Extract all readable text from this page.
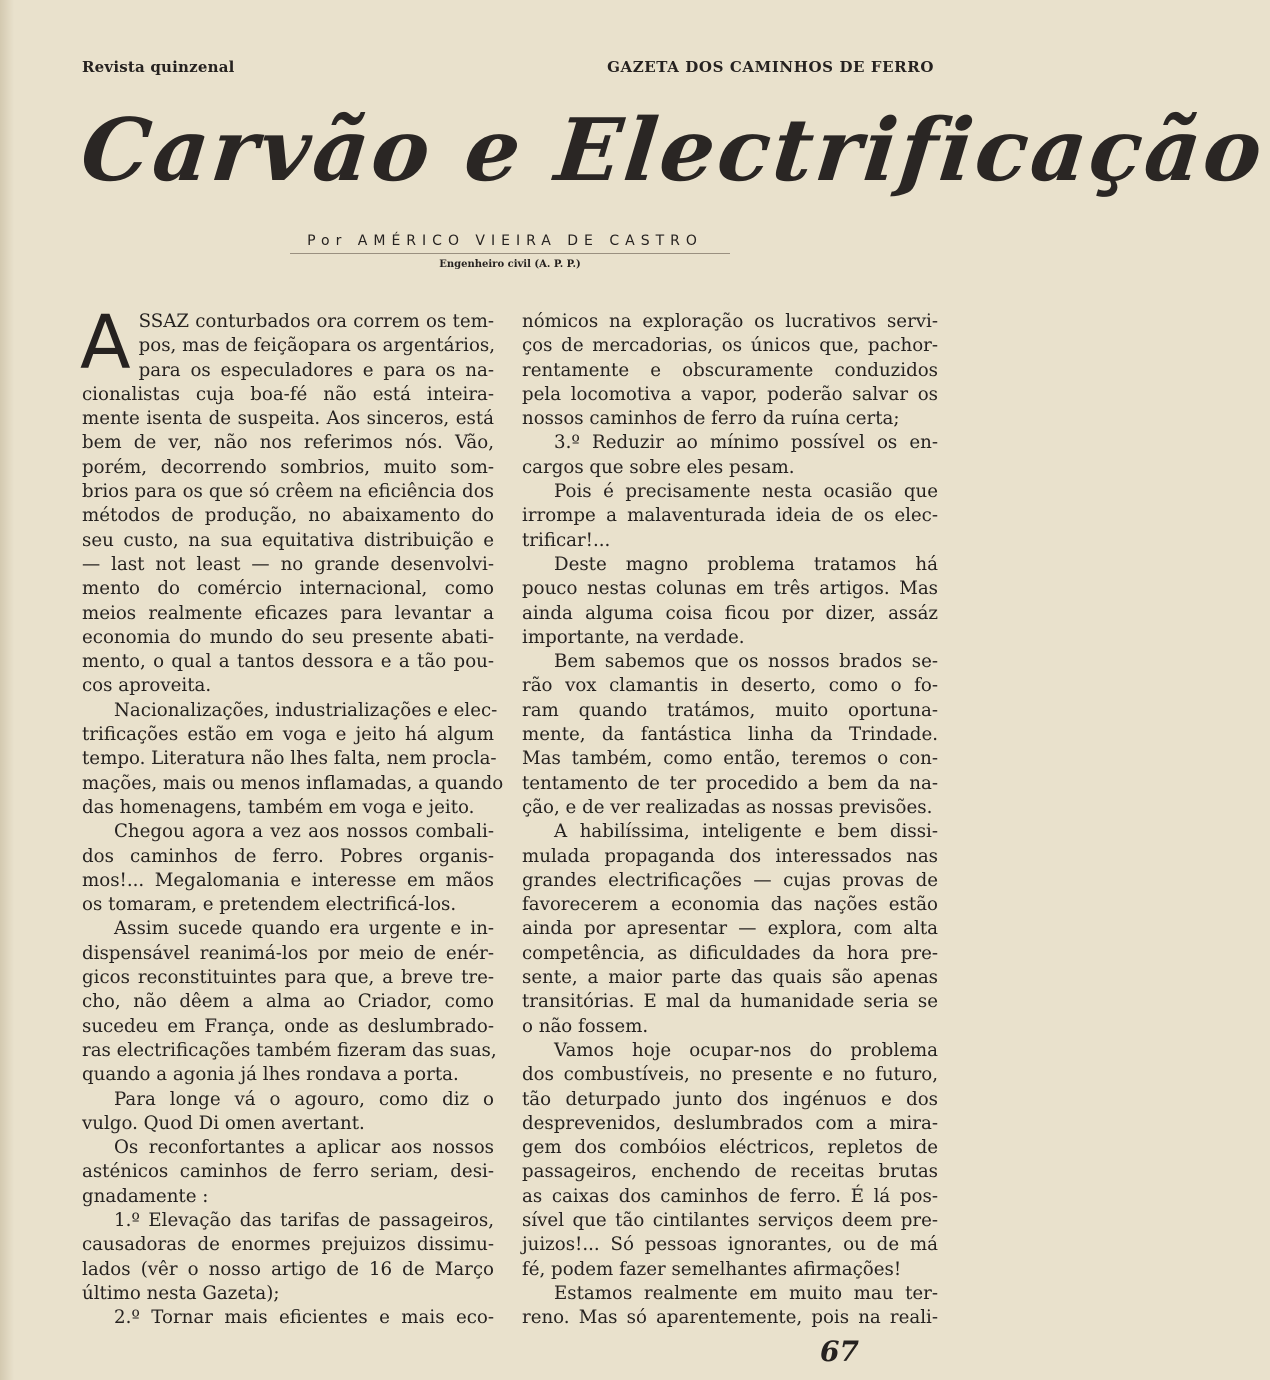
Revista quinzenal	GAZETA DOS CAMINHOS DE FERRO
Carvão e Electrificação
Por AMÉRICO VIEIRA DE CASTRO
Engenheiro civil (A. P. P.)
A SSAZ conturbados ora correm os tem-
pos, mas de feiçãopara os argentários,
para os especuladores e para os na-
cionalistas cuja boa-fé não está inteira-
mente isenta de suspeita. Aos sinceros, está
bem de ver, não nos referimos nós. Vão,
porém, decorrendo sombrios, muito som-
brios para os que só crêem na eficiência dos
métodos de produção, no abaixamento do
seu custo, na sua equitativa distribuição e
— last not least — no grande desenvolvi-
mento do comércio internacional, como
meios realmente eficazes para levantar a
economia do mundo do seu presente abati-
mento, o qual a tantos dessora e a tão pou-
cos aproveita.
Nacionalizações, industrializações e elec-
trificações estão em voga e jeito há algum
tempo. Literatura não lhes falta, nem procla-
mações, mais ou menos inflamadas, a quando
das homenagens, também em voga e jeito.
Chegou agora a vez aos nossos combali-
dos caminhos de ferro. Pobres organis-
mos!... Megalomania e interesse em mãos
os tomaram, e pretendem electrificá-los.
Assim sucede quando era urgente e in-
dispensável reanimá-los por meio de enér-
gicos reconstituintes para que, a breve tre-
cho, não dêem a alma ao Criador, como
sucedeu em França, onde as deslumbrado-
ras electrificações também fizeram das suas,
quando a agonia já lhes rondava a porta.
Para longe vá o agouro, como diz o
vulgo. Quod Di omen avertant.
Os reconfortantes a aplicar aos nossos
asténicos caminhos de ferro seriam, desi-
gnadamente :
1.º Elevação das tarifas de passageiros,
causadoras de enormes prejuizos dissimu-
lados (vêr o nosso artigo de 16 de Março
último nesta Gazeta);
2.º Tornar mais eficientes e mais eco-
nómicos na exploração os lucrativos servi-
ços de mercadorias, os únicos que, pachor-
rentamente e obscuramente conduzidos
pela locomotiva a vapor, poderão salvar os
nossos caminhos de ferro da ruína certa;
3.º Reduzir ao mínimo possível os en-
cargos que sobre eles pesam.
Pois é precisamente nesta ocasião que
irrompe a malaventurada ideia de os elec-
trificar!...
Deste magno problema tratamos há
pouco nestas colunas em três artigos. Mas
ainda alguma coisa ficou por dizer, assáz
importante, na verdade.
Bem sabemos que os nossos brados se-
rão vox clamantis in deserto, como o fo-
ram quando tratámos, muito oportuna-
mente, da fantástica linha da Trindade.
Mas também, como então, teremos o con-
tentamento de ter procedido a bem da na-
ção, e de ver realizadas as nossas previsões.
A habilíssima, inteligente e bem dissi-
mulada propaganda dos interessados nas
grandes electrificações — cujas provas de
favorecerem a economia das nações estão
ainda por apresentar — explora, com alta
competência, as dificuldades da hora pre-
sente, a maior parte das quais são apenas
transitórias. E mal da humanidade seria se
o não fossem.
Vamos hoje ocupar-nos do problema
dos combustíveis, no presente e no futuro,
tão deturpado junto dos ingénuos e dos
desprevenidos, deslumbrados com a mira-
gem dos combóios eléctricos, repletos de
passageiros, enchendo de receitas brutas
as caixas dos caminhos de ferro. É lá pos-
sível que tão cintilantes serviços deem pre-
juizos!... Só pessoas ignorantes, ou de má
fé, podem fazer semelhantes afirmações!
Estamos realmente em muito mau ter-
reno. Mas só aparentemente, pois na reali-
67
